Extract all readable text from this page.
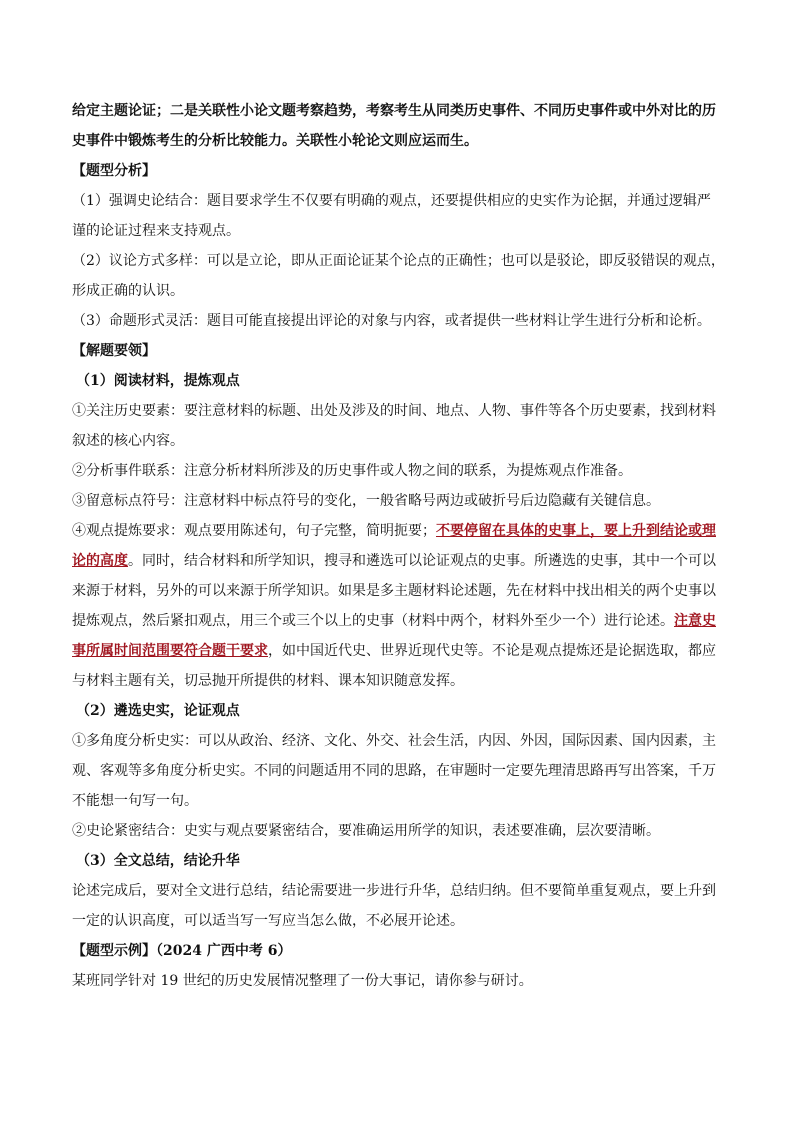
给定主题论证；二是关联性小论文题考察趋势，考察考生从同类历史事件、不同历史事件或中外对比的历

史事件中锻炼考生的分析比较能力。关联性小轮论文则应运而生。

【题型分析】

（1）强调史论结合：题目要求学生不仅要有明确的观点，还要提供相应的史实作为论据，并通过逻辑严

谨的论证过程来支持观点。

（2）议论方式多样：可以是立论，即从正面论证某个论点的正确性；也可以是驳论，即反驳错误的观点，

形成正确的认识。

（3）命题形式灵活：题目可能直接提出评论的对象与内容，或者提供一些材料让学生进行分析和论析。

【解题要领】

（1）阅读材料，提炼观点

①关注历史要素：要注意材料的标题、出处及涉及的时间、地点、人物、事件等各个历史要素，找到材料

叙述的核心内容。

②分析事件联系：注意分析材料所涉及的历史事件或人物之间的联系，为提炼观点作准备。

③留意标点符号：注意材料中标点符号的变化，一般省略号两边或破折号后边隐藏有关键信息。

④观点提炼要求：观点要用陈述句，句子完整，简明扼要；不要停留在具体的史事上，要上升到结论或理

论的高度。同时，结合材料和所学知识，搜寻和遴选可以论证观点的史事。所遴选的史事，其中一个可以

来源于材料，另外的可以来源于所学知识。如果是多主题材料论述题，先在材料中找出相关的两个史事以

提炼观点，然后紧扣观点，用三个或三个以上的史事（材料中两个，材料外至少一个）进行论述。注意史

事所属时间范围要符合题干要求，如中国近代史、世界近现代史等。不论是观点提炼还是论据选取，都应

与材料主题有关，切忌抛开所提供的材料、课本知识随意发挥。

（2）遴选史实，论证观点

①多角度分析史实：可以从政治、经济、文化、外交、社会生活，内因、外因，国际因素、国内因素，主

观、客观等多角度分析史实。不同的问题适用不同的思路，在审题时一定要先理清思路再写出答案，千万

不能想一句写一句。

②史论紧密结合：史实与观点要紧密结合，要准确运用所学的知识，表述要准确，层次要清晰。

（3）全文总结，结论升华

论述完成后，要对全文进行总结，结论需要进一步进行升华，总结归纳。但不要简单重复观点，要上升到

一定的认识高度，可以适当写一写应当怎么做，不必展开论述。

【题型示例】（2024 广西中考 6）

某班同学针对 19 世纪的历史发展情况整理了一份大事记，请你参与研讨。
